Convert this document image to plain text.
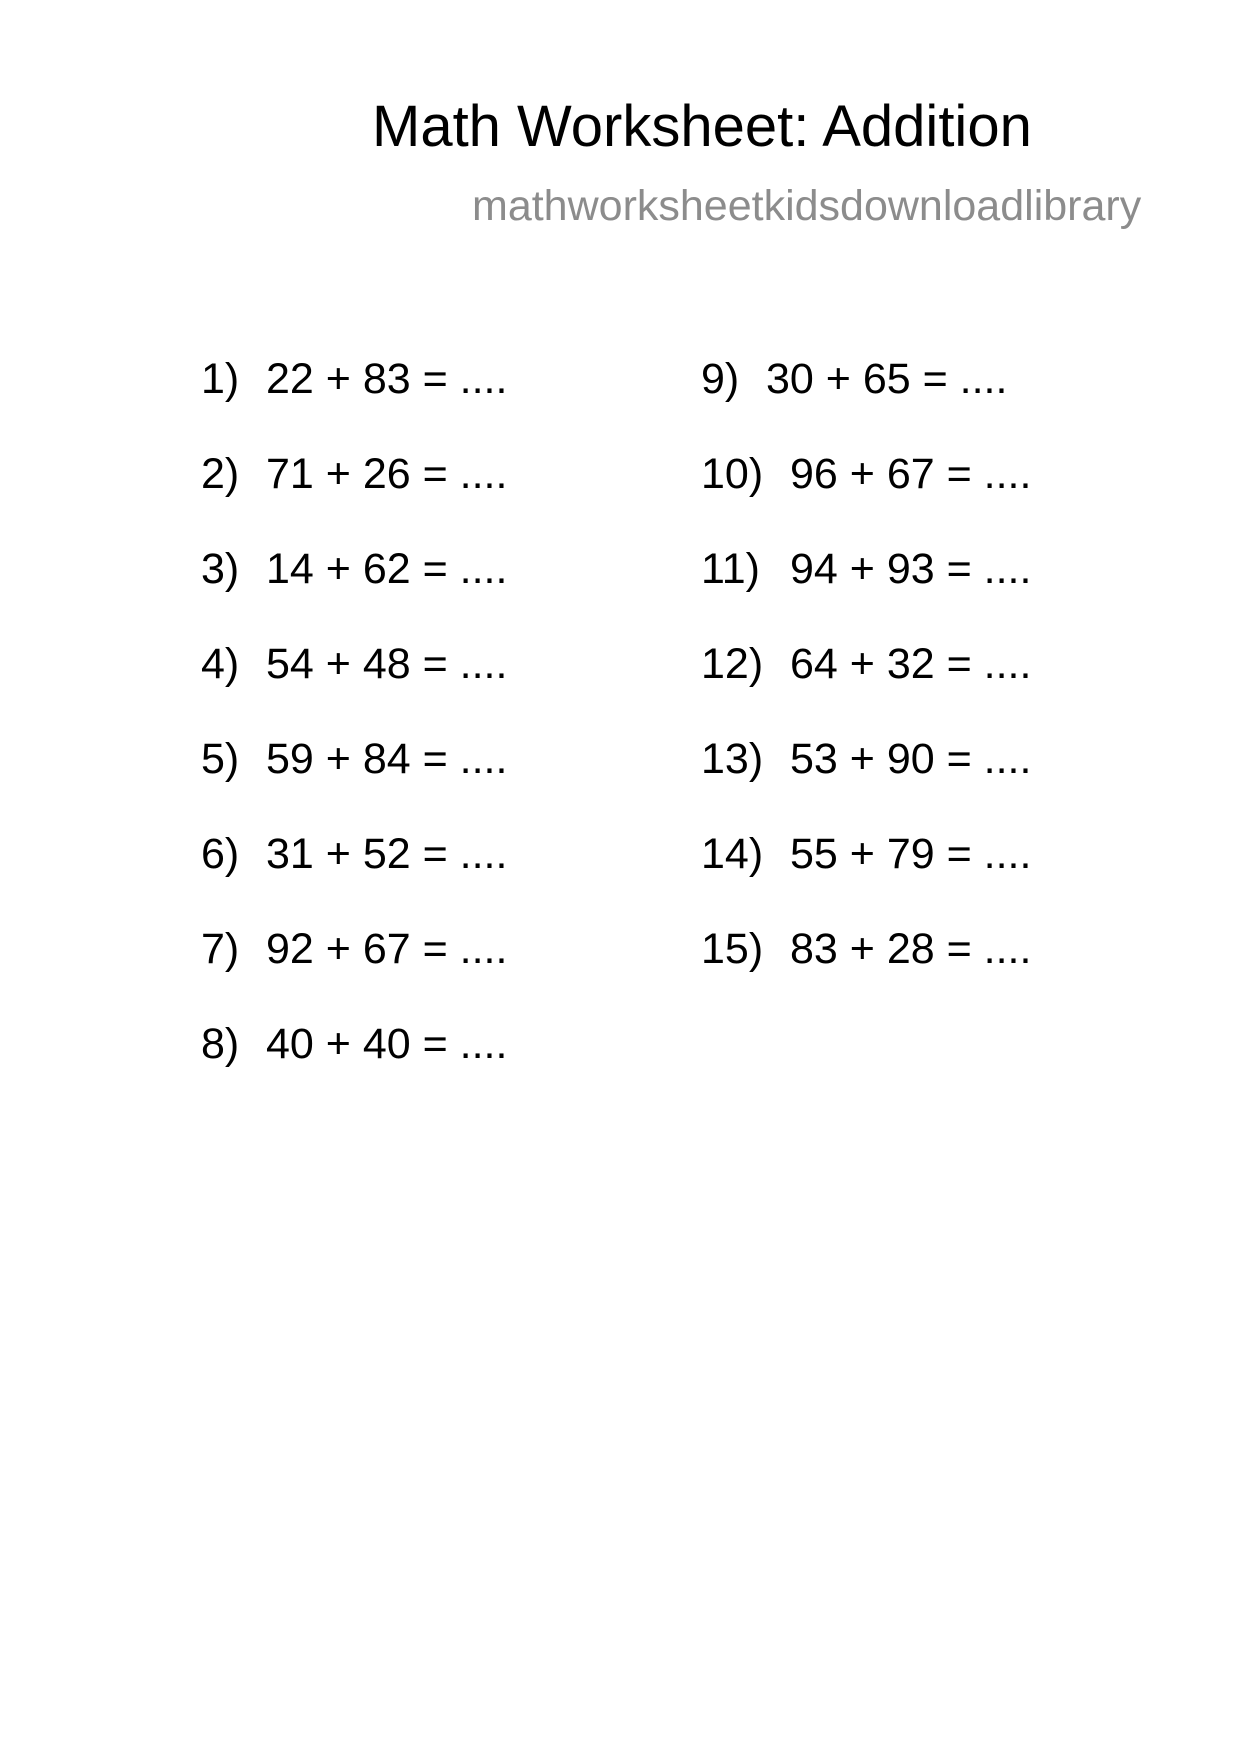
Math Worksheet: Addition
mathworksheetkidsdownloadlibrary
1) 22 + 83 = ....
2) 71 + 26 = ....
3) 14 + 62 = ....
4) 54 + 48 = ....
5) 59 + 84 = ....
6) 31 + 52 = ....
7) 92 + 67 = ....
8) 40 + 40 = ....
9) 30 + 65 = ....
10) 96 + 67 = ....
11) 94 + 93 = ....
12) 64 + 32 = ....
13) 53 + 90 = ....
14) 55 + 79 = ....
15) 83 + 28 = ....
